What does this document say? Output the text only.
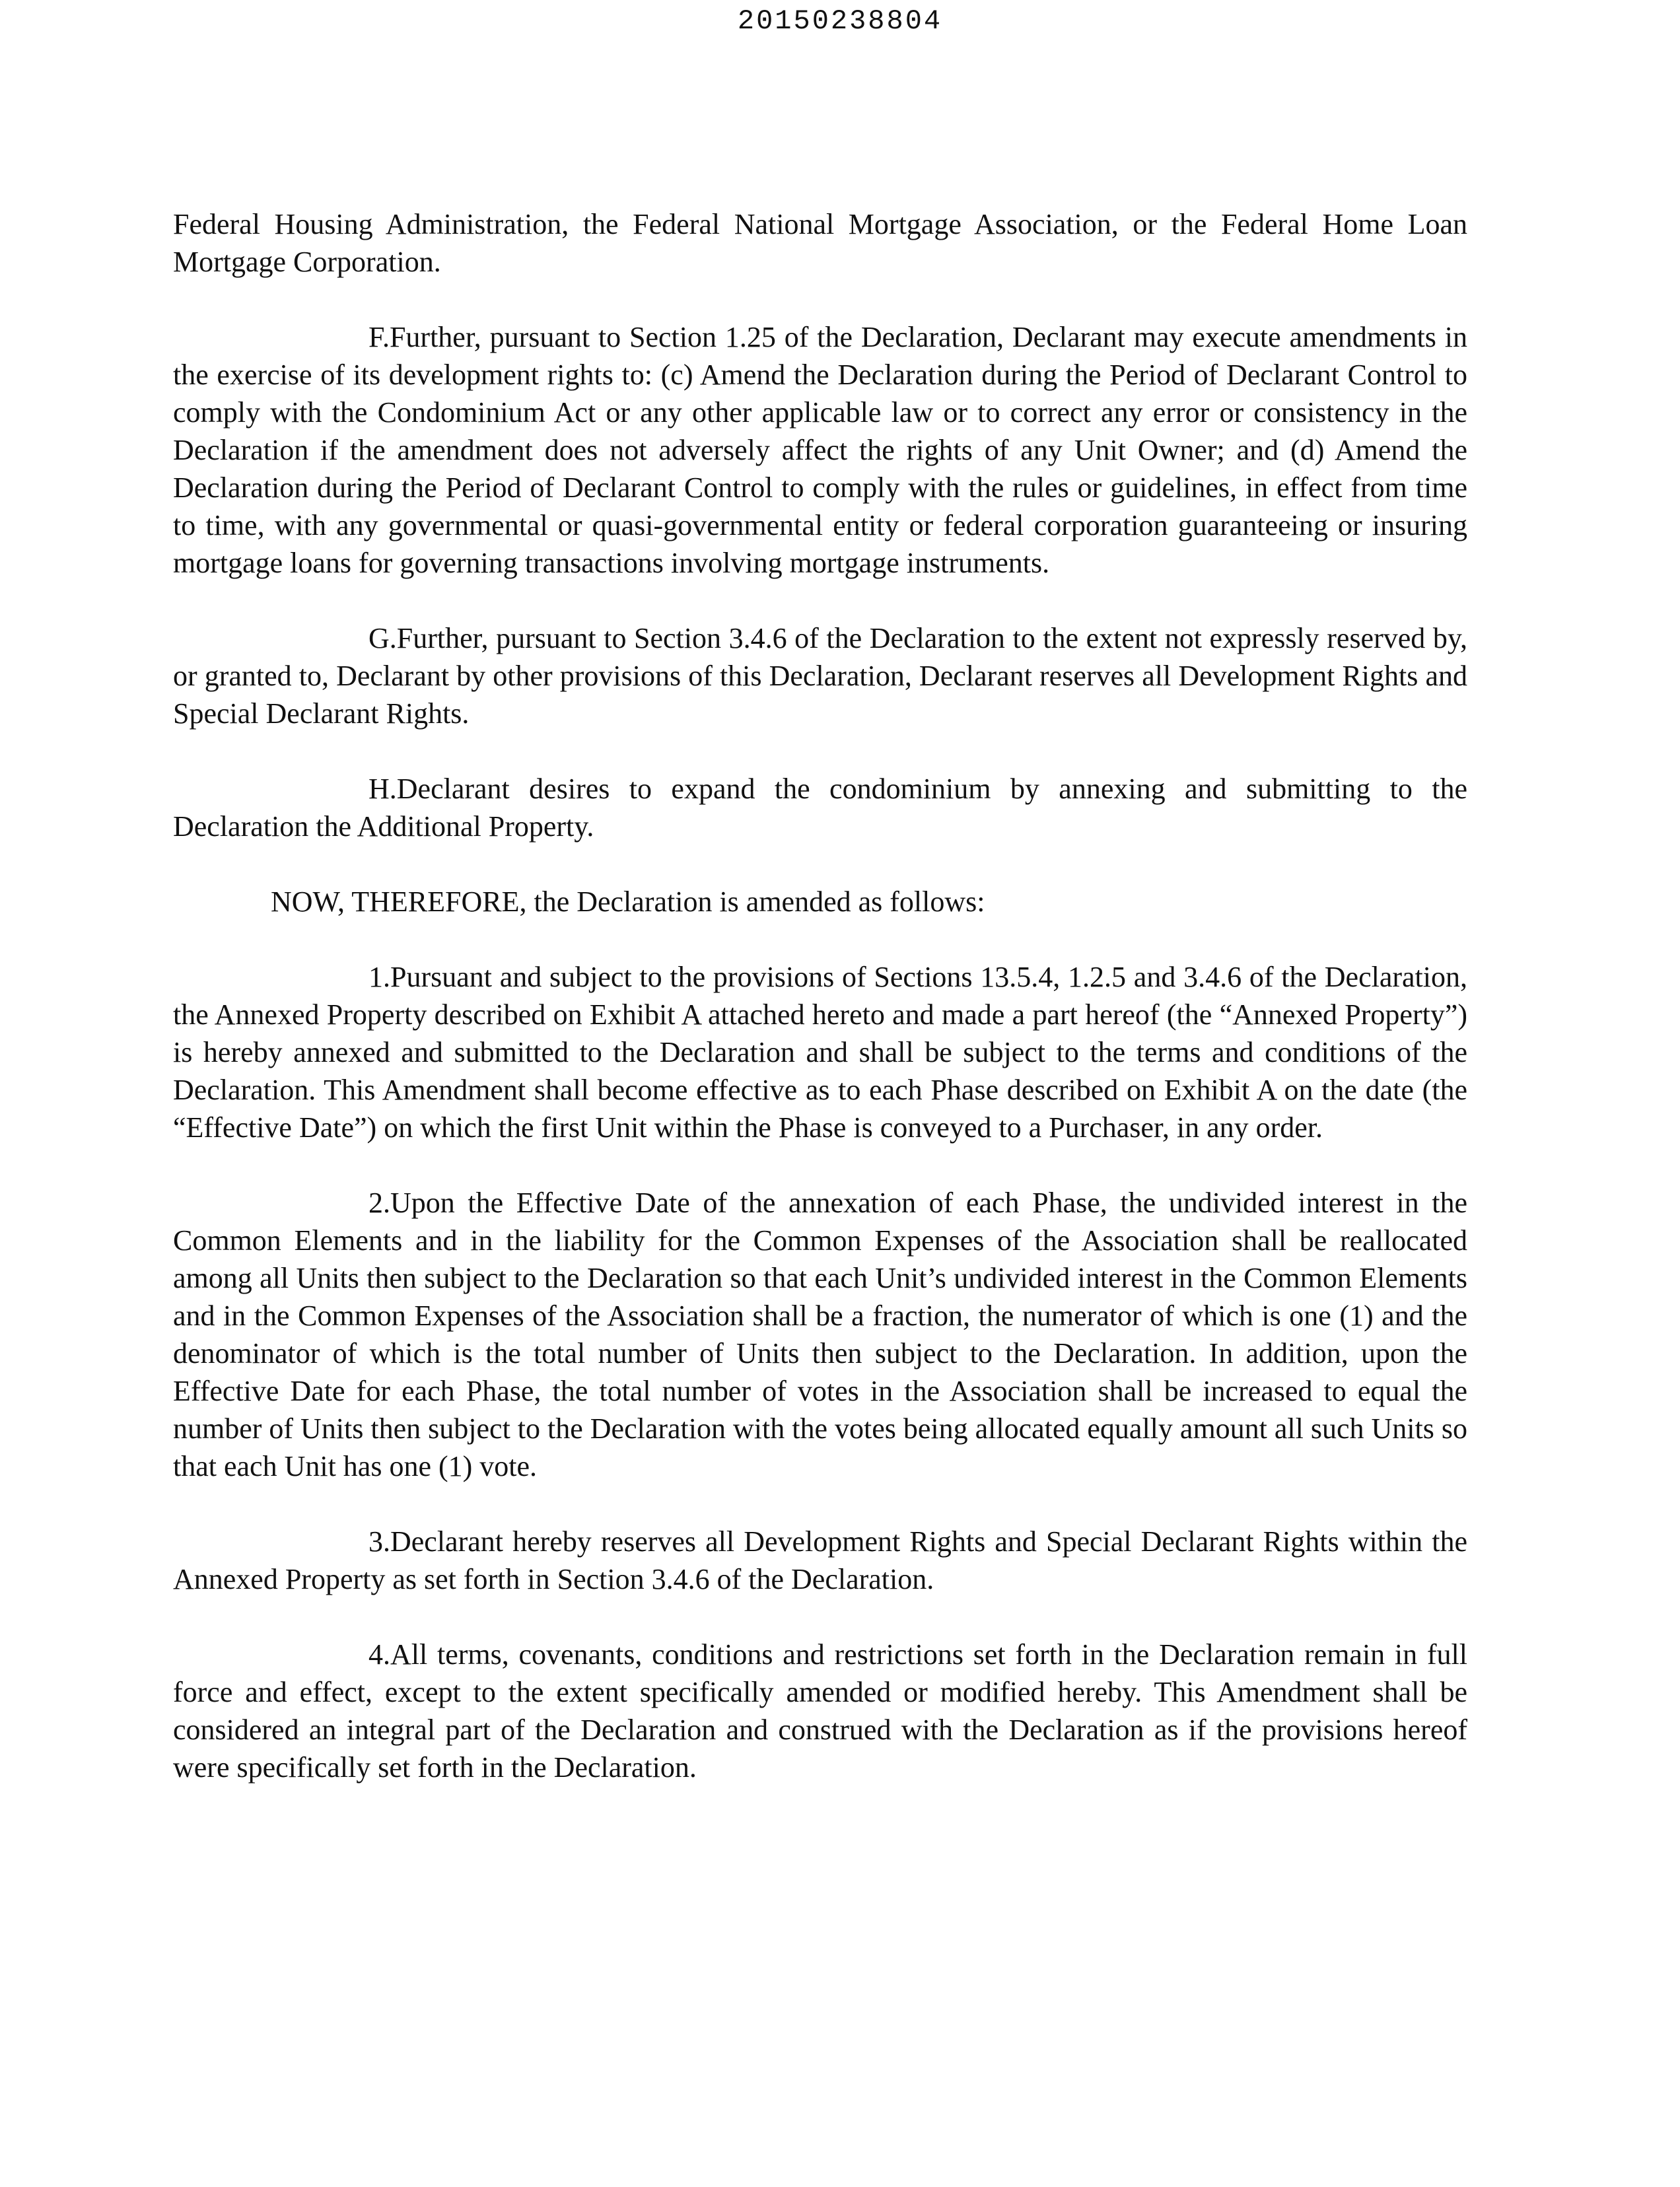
20150238804

Federal Housing Administration, the Federal National Mortgage Association, or the Federal Home Loan Mortgage Corporation.

F.Further, pursuant to Section 1.25 of the Declaration, Declarant may execute amendments in the exercise of its development rights to: (c) Amend the Declaration during the Period of Declarant Control to comply with the Condominium Act or any other applicable law or to correct any error or consistency in the Declaration if the amendment does not adversely affect the rights of any Unit Owner; and (d) Amend the Declaration during the Period of Declarant Control to comply with the rules or guidelines, in effect from time to time, with any governmental or quasi-governmental entity or federal corporation guaranteeing or insuring mortgage loans for governing transactions involving mortgage instruments.

G.Further, pursuant to Section 3.4.6 of the Declaration to the extent not expressly reserved by, or granted to, Declarant by other provisions of this Declaration, Declarant reserves all Development Rights and Special Declarant Rights.

H.Declarant desires to expand the condominium by annexing and submitting to the Declaration the Additional Property.

NOW, THEREFORE, the Declaration is amended as follows:

1.Pursuant and subject to the provisions of Sections 13.5.4, 1.2.5 and 3.4.6 of the Declaration, the Annexed Property described on Exhibit A attached hereto and made a part hereof (the “Annexed Property”) is hereby annexed and submitted to the Declaration and shall be subject to the terms and conditions of the Declaration. This Amendment shall become effective as to each Phase described on Exhibit A on the date (the “Effective Date”) on which the first Unit within the Phase is conveyed to a Purchaser, in any order.

2.Upon the Effective Date of the annexation of each Phase, the undivided interest in the Common Elements and in the liability for the Common Expenses of the Association shall be reallocated among all Units then subject to the Declaration so that each Unit’s undivided interest in the Common Elements and in the Common Expenses of the Association shall be a fraction, the numerator of which is one (1) and the denominator of which is the total number of Units then subject to the Declaration. In addition, upon the Effective Date for each Phase, the total number of votes in the Association shall be increased to equal the number of Units then subject to the Declaration with the votes being allocated equally amount all such Units so that each Unit has one (1) vote.

3.Declarant hereby reserves all Development Rights and Special Declarant Rights within the Annexed Property as set forth in Section 3.4.6 of the Declaration.

4.All terms, covenants, conditions and restrictions set forth in the Declaration remain in full force and effect, except to the extent specifically amended or modified hereby. This Amendment shall be considered an integral part of the Declaration and construed with the Declaration as if the provisions hereof were specifically set forth in the Declaration.
